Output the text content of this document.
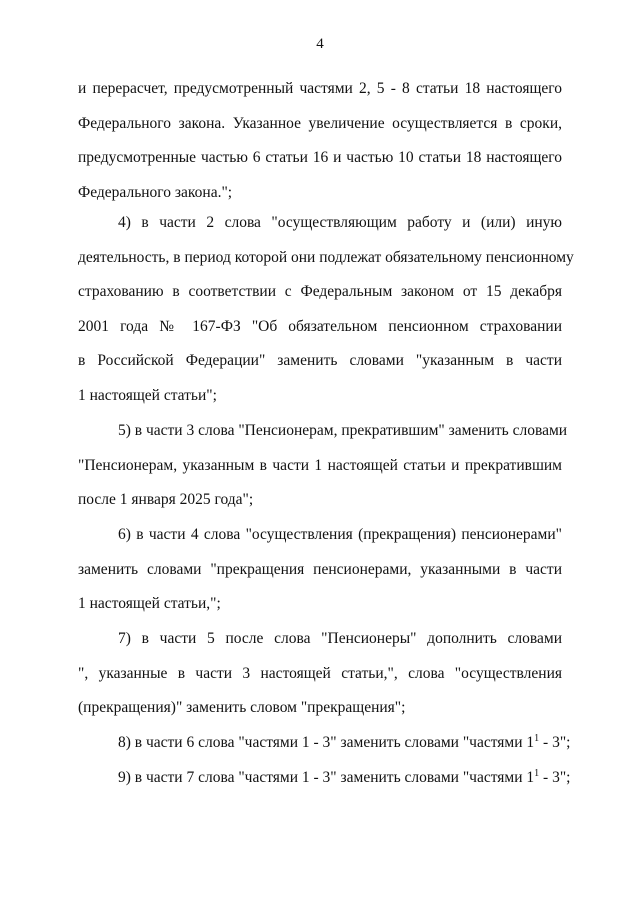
4

и перерасчет, предусмотренный частями 2, 5 - 8 статьи 18 настоящего
Федерального закона. Указанное увеличение осуществляется в сроки,
предусмотренные частью 6 статьи 16 и частью 10 статьи 18 настоящего
Федерального закона.";

4) в части 2 слова "осуществляющим работу и (или) иную
деятельность, в период которой они подлежат обязательному пенсионному
страхованию в соответствии с Федеральным законом от 15 декабря
2001 года № 167-ФЗ "Об обязательном пенсионном страховании
в Российской Федерации" заменить словами "указанным в части
1 настоящей статьи";

5) в части 3 слова "Пенсионерам, прекратившим" заменить словами
"Пенсионерам, указанным в части 1 настоящей статьи и прекратившим
после 1 января 2025 года";

6) в части 4 слова "осуществления (прекращения) пенсионерами"
заменить словами "прекращения пенсионерами, указанными в части
1 настоящей статьи,";

7) в части 5 после слова "Пенсионеры" дополнить словами
", указанные в части 3 настоящей статьи,", слова "осуществления
(прекращения)" заменить словом "прекращения";

8) в части 6 слова "частями 1 - 3" заменить словами "частями $1^1 - 3$";

9) в части 7 слова "частями 1 - 3" заменить словами "частями $1^1 - 3$";
